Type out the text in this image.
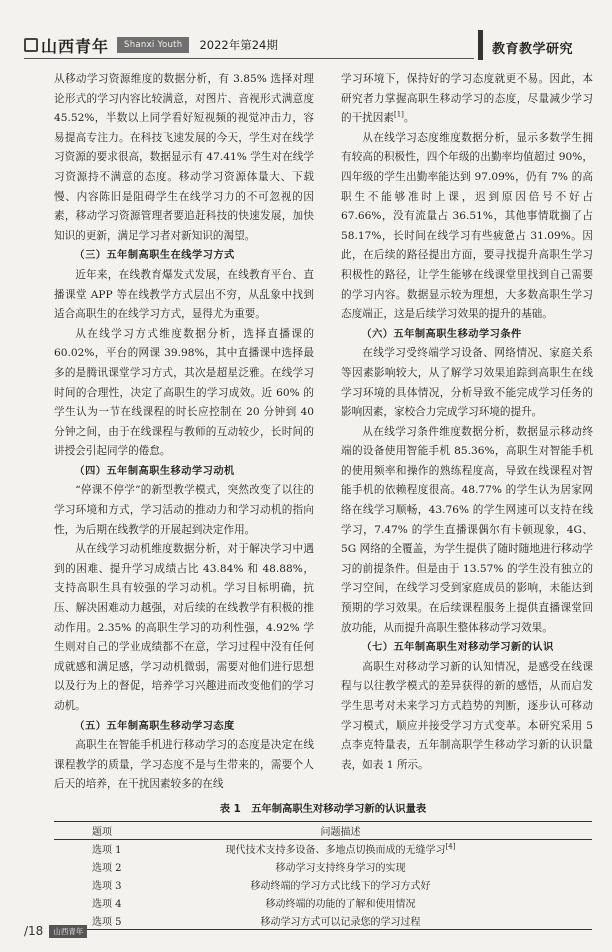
山西青年	Shanxi Youth	2022年第24期	教育教学研究

从移动学习资源维度的数据分析，有 3.85% 选择对理论形式的学习内容比较满意，对图片、音视形式满意度 45.52%，半数以上同学看好短视频的视觉冲击力，容易提高专注力。在科技飞速发展的今天，学生对在线学习资源的要求很高，数据显示有 47.41% 学生对在线学习资源持不满意的态度。移动学习资源体量大、下载慢、内容陈旧是阻碍学生在线学习力的不可忽视的因素，移动学习资源管理者要追赶科技的快速发展，加快知识的更新，满足学习者对新知识的渴望。

（三）五年制高职生在线学习方式

近年来，在线教育爆发式发展，在线教育平台、直播课堂 APP 等在线教学方式层出不穷，从乱象中找到适合高职生的在线学习方式，显得尤为重要。

从在线学习方式维度数据分析，选择直播课的 60.02%，平台的网课 39.98%，其中直播课中选择最多的是腾讯课堂学习方式，其次是超星泛雅。在线学习时间的合理性，决定了高职生的学习成效。近 60% 的学生认为一节在线课程的时长应控制在 20 分钟到 40 分钟之间，由于在线课程与教师的互动较少，长时间的讲授会引起同学的倦怠。

（四）五年制高职生移动学习动机

“停课不停学”的新型教学模式，突然改变了以往的学习环境和方式，学习活动的推动力和学习动机的指向性，为后期在线教学的开展起到决定作用。

从在线学习动机维度数据分析，对于解决学习中遇到的困难、提升学习成绩占比 43.84% 和 48.88%，支持高职生具有较强的学习动机。学习目标明确，抗压、解决困难动力越强，对后续的在线教学有积极的推动作用。2.35% 的高职生学习的功利性强，4.92% 学生则对自己的学业成绩都不在意，学习过程中没有任何成就感和满足感，学习动机微弱，需要对他们进行思想以及行为上的督促，培养学习兴趣进而改变他们的学习动机。

（五）五年制高职生移动学习态度

高职生在智能手机进行移动学习的态度是决定在线课程教学的质量，学习态度不是与生带来的，需要个人后天的培养，在干扰因素较多的在线

学习环境下，保持好的学习态度就更不易。因此，本研究者力掌握高职生移动学习的态度，尽量减少学习的干扰因素[1]。

从在线学习态度维度数据分析，显示多数学生拥有较高的积极性，四个年级的出勤率均值超过 90%，四年级的学生出勤率能达到 97.09%，仍有 7% 的高职生不能够准时上课，迟到原因倍号不好占 67.66%，没有流量占 36.51%，其他事情耽搁了占 58.17%，长时间在线学习有些疲惫占 31.09%。因此，在后续的路径提出方面，要寻找提升高职生学习积极性的路径，让学生能够在线课堂里找到自己需要的学习内容。数据显示较为理想，大多数高职生学习态度端正，这是后续学习效果的提升的基础。

（六）五年制高职生移动学习条件

在线学习受终端学习设备、网络情况、家庭关系等因素影响较大，从了解学习效果追踪到高职生在线学习环境的具体情况，分析导致不能完成学习任务的影响因素，家校合力完成学习环境的提升。

从在线学习条件维度数据分析，数据显示移动终端的设备使用智能手机 85.36%，高职生对智能手机的使用频率和操作的熟练程度高，导致在线课程对智能手机的依赖程度很高。48.77% 的学生认为居家网络在线学习顺畅，43.76% 的学生网速可以支持在线学习，7.47% 的学生直播课偶尔有卡顿现象，4G、5G 网络的全覆盖，为学生提供了随时随地进行移动学习的前提条件。但是由于 13.57% 的学生没有独立的学习空间，在线学习受到家庭成员的影响，未能达到预期的学习效果。在后续课程服务上提供直播课堂回放功能，从而提升高职生整体移动学习效果。

（七）五年制高职生对移动学习新的认识

高职生对移动学习新的认知情况，是感受在线课程与以往教学模式的差异获得的新的感悟，从而启发学生思考对未来学习方式趋势的判断，逐步认可移动学习模式，顺应并接受学习方式变革。本研究采用 5 点李克特量表，五年制高职学生移动学习新的认识量表，如表 1 所示。

表 1　五年制高职生对移动学习新的认识量表
题项	问题描述
选项 1	现代技术支持多设备、多地点切换而成的无缝学习[4]
选项 2	移动学习支持终身学习的实现
选项 3	移动终端的学习方式比线下的学习方式好
选项 4	移动终端的功能的了解和使用情况
选项 5	移动学习方式可以记录您的学习过程
/ 18	山西青年
